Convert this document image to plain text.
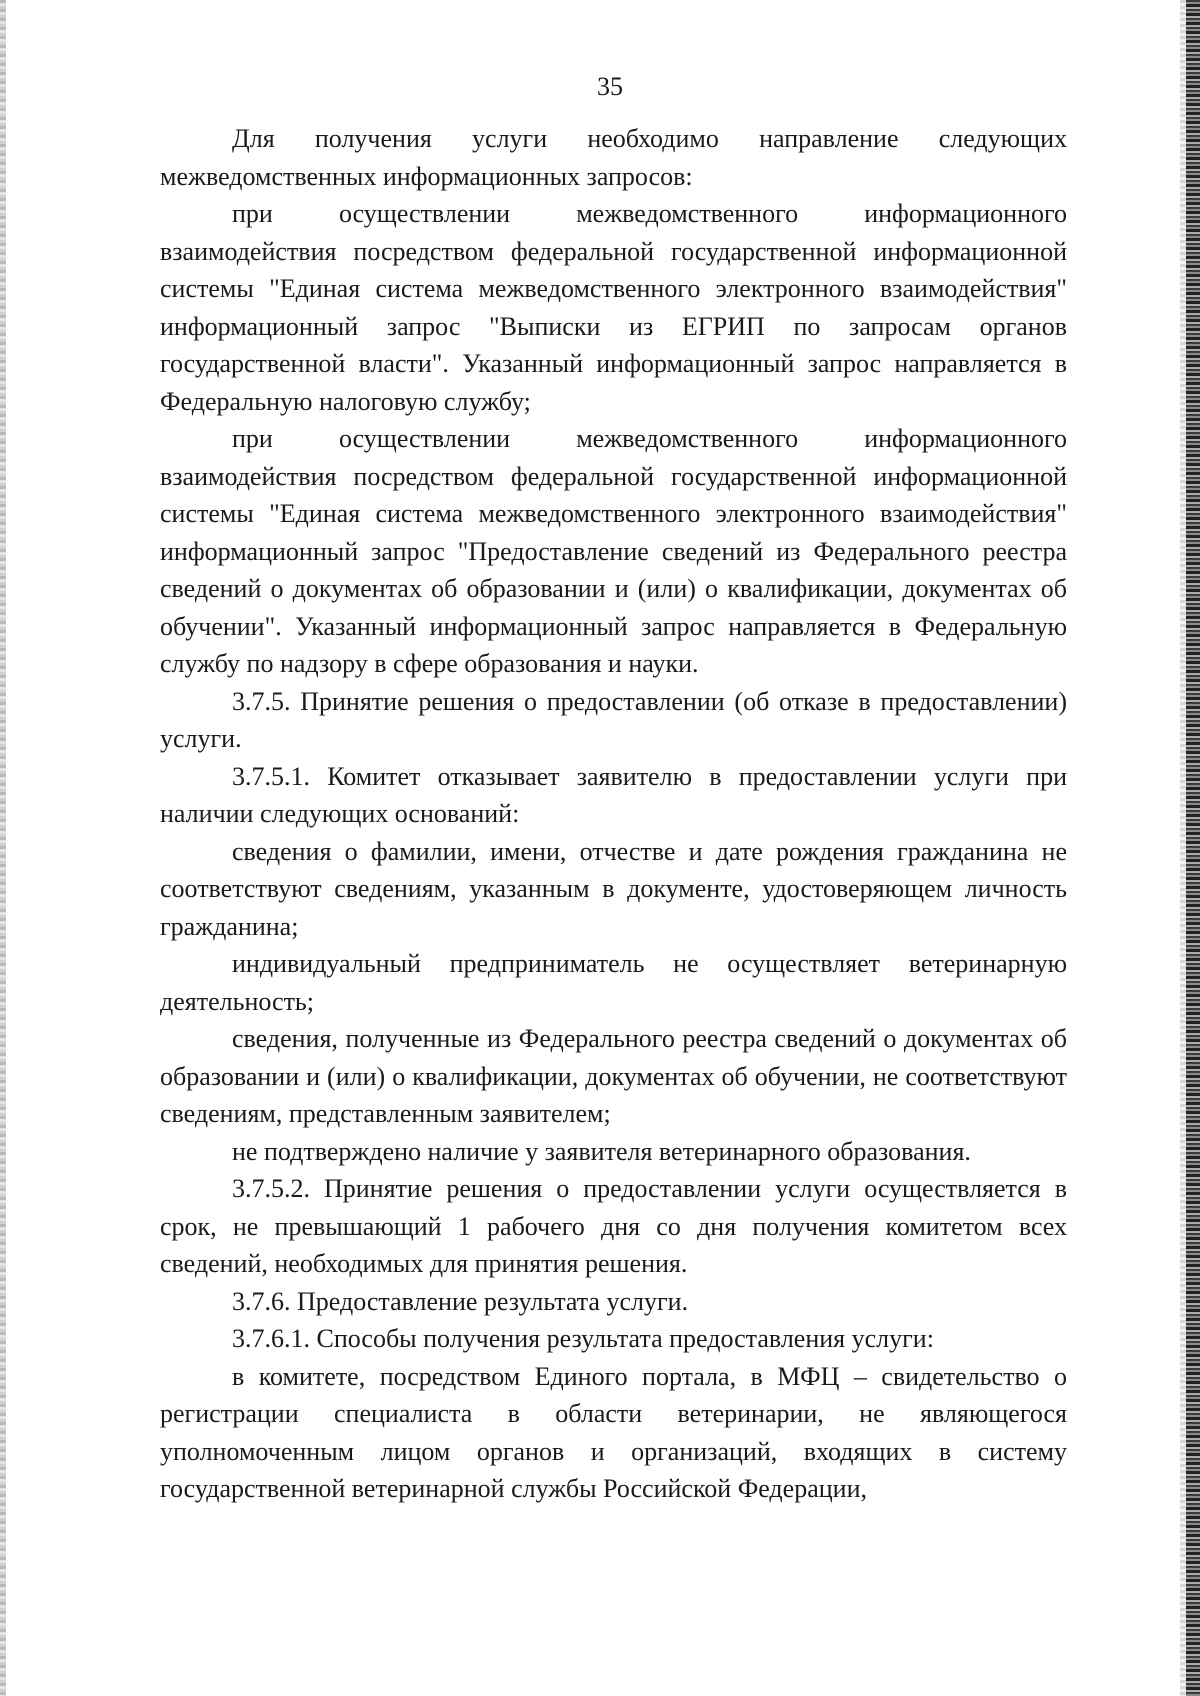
35

Для получения услуги необходимо направление следующих межведомственных информационных запросов:

при осуществлении межведомственного информационного взаимодействия посредством федеральной государственной информационной системы "Единая система межведомственного электронного взаимодействия" информационный запрос "Выписки из ЕГРИП по запросам органов государственной власти". Указанный информационный запрос направляется в Федеральную налоговую службу;

при осуществлении межведомственного информационного взаимодействия посредством федеральной государственной информационной системы "Единая система межведомственного электронного взаимодействия" информационный запрос "Предоставление сведений из Федерального реестра сведений о документах об образовании и (или) о квалификации, документах об обучении". Указанный информационный запрос направляется в Федеральную службу по надзору в сфере образования и науки.

3.7.5. Принятие решения о предоставлении (об отказе в предоставлении) услуги.

3.7.5.1. Комитет отказывает заявителю в предоставлении услуги при наличии следующих оснований:

сведения о фамилии, имени, отчестве и дате рождения гражданина не соответствуют сведениям, указанным в документе, удостоверяющем личность гражданина;

индивидуальный предприниматель не осуществляет ветеринарную деятельность;

сведения, полученные из Федерального реестра сведений о документах об образовании и (или) о квалификации, документах об обучении, не соответствуют сведениям, представленным заявителем;

не подтверждено наличие у заявителя ветеринарного образования.

3.7.5.2. Принятие решения о предоставлении услуги осуществляется в срок, не превышающий 1 рабочего дня со дня получения комитетом всех сведений, необходимых для принятия решения.

3.7.6. Предоставление результата услуги.

3.7.6.1. Способы получения результата предоставления услуги:

в комитете, посредством Единого портала, в МФЦ – свидетельство о регистрации специалиста в области ветеринарии, не являющегося уполномоченным лицом органов и организаций, входящих в систему государственной ветеринарной службы Российской Федерации,
